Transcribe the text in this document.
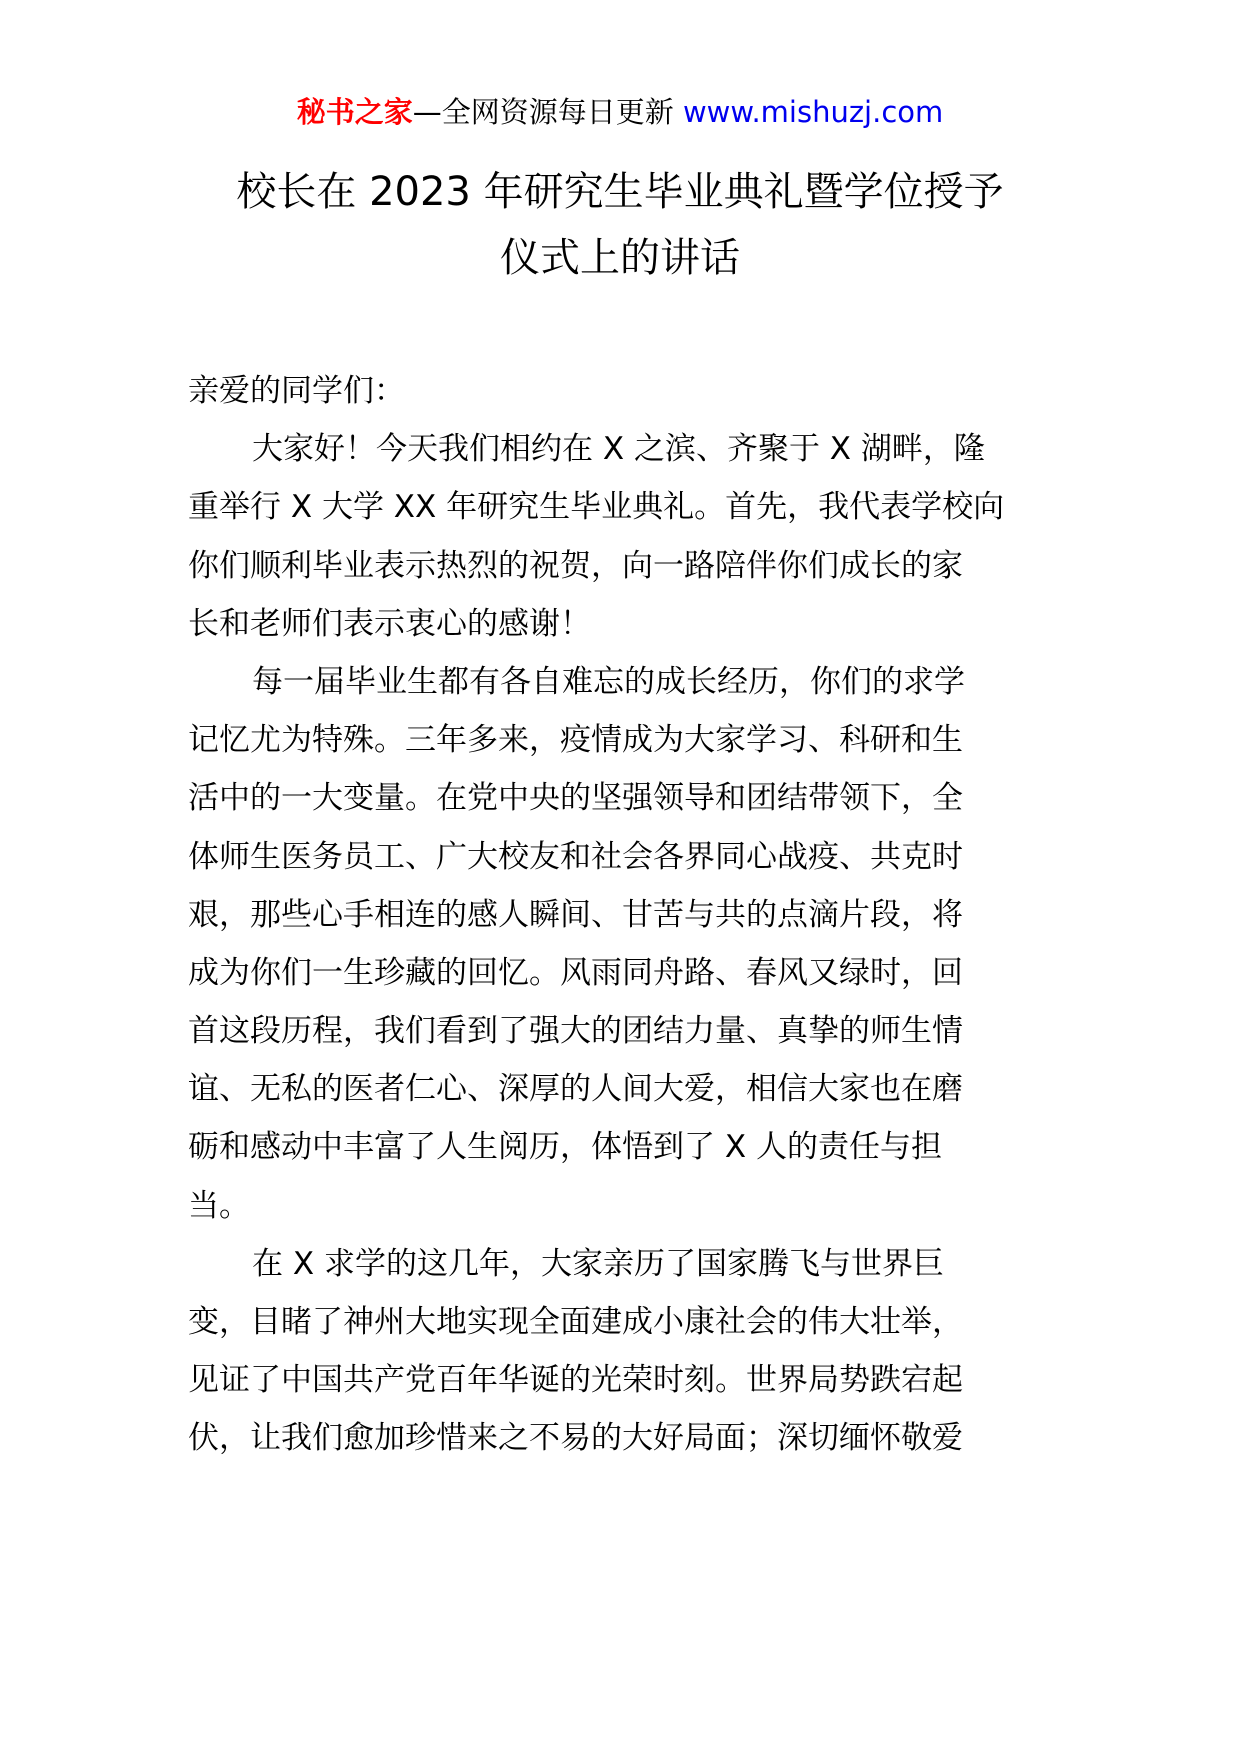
秘书之家—全网资源每日更新 www.mishuzj.com
校长在 2023 年研究生毕业典礼暨学位授予
仪式上的讲话
亲爱的同学们：
大家好！今天我们相约在 X 之滨、齐聚于 X 湖畔，隆
重举行 X 大学 XX 年研究生毕业典礼。首先，我代表学校向
你们顺利毕业表示热烈的祝贺，向一路陪伴你们成长的家
长和老师们表示衷心的感谢！
每一届毕业生都有各自难忘的成长经历，你们的求学
记忆尤为特殊。三年多来，疫情成为大家学习、科研和生
活中的一大变量。在党中央的坚强领导和团结带领下，全
体师生医务员工、广大校友和社会各界同心战疫、共克时
艰，那些心手相连的感人瞬间、甘苦与共的点滴片段，将
成为你们一生珍藏的回忆。风雨同舟路、春风又绿时，回
首这段历程，我们看到了强大的团结力量、真挚的师生情
谊、无私的医者仁心、深厚的人间大爱，相信大家也在磨
砺和感动中丰富了人生阅历，体悟到了 X 人的责任与担
当。
在 X 求学的这几年，大家亲历了国家腾飞与世界巨
变，目睹了神州大地实现全面建成小康社会的伟大壮举，
见证了中国共产党百年华诞的光荣时刻。世界局势跌宕起
伏，让我们愈加珍惜来之不易的大好局面；深切缅怀敬爱
